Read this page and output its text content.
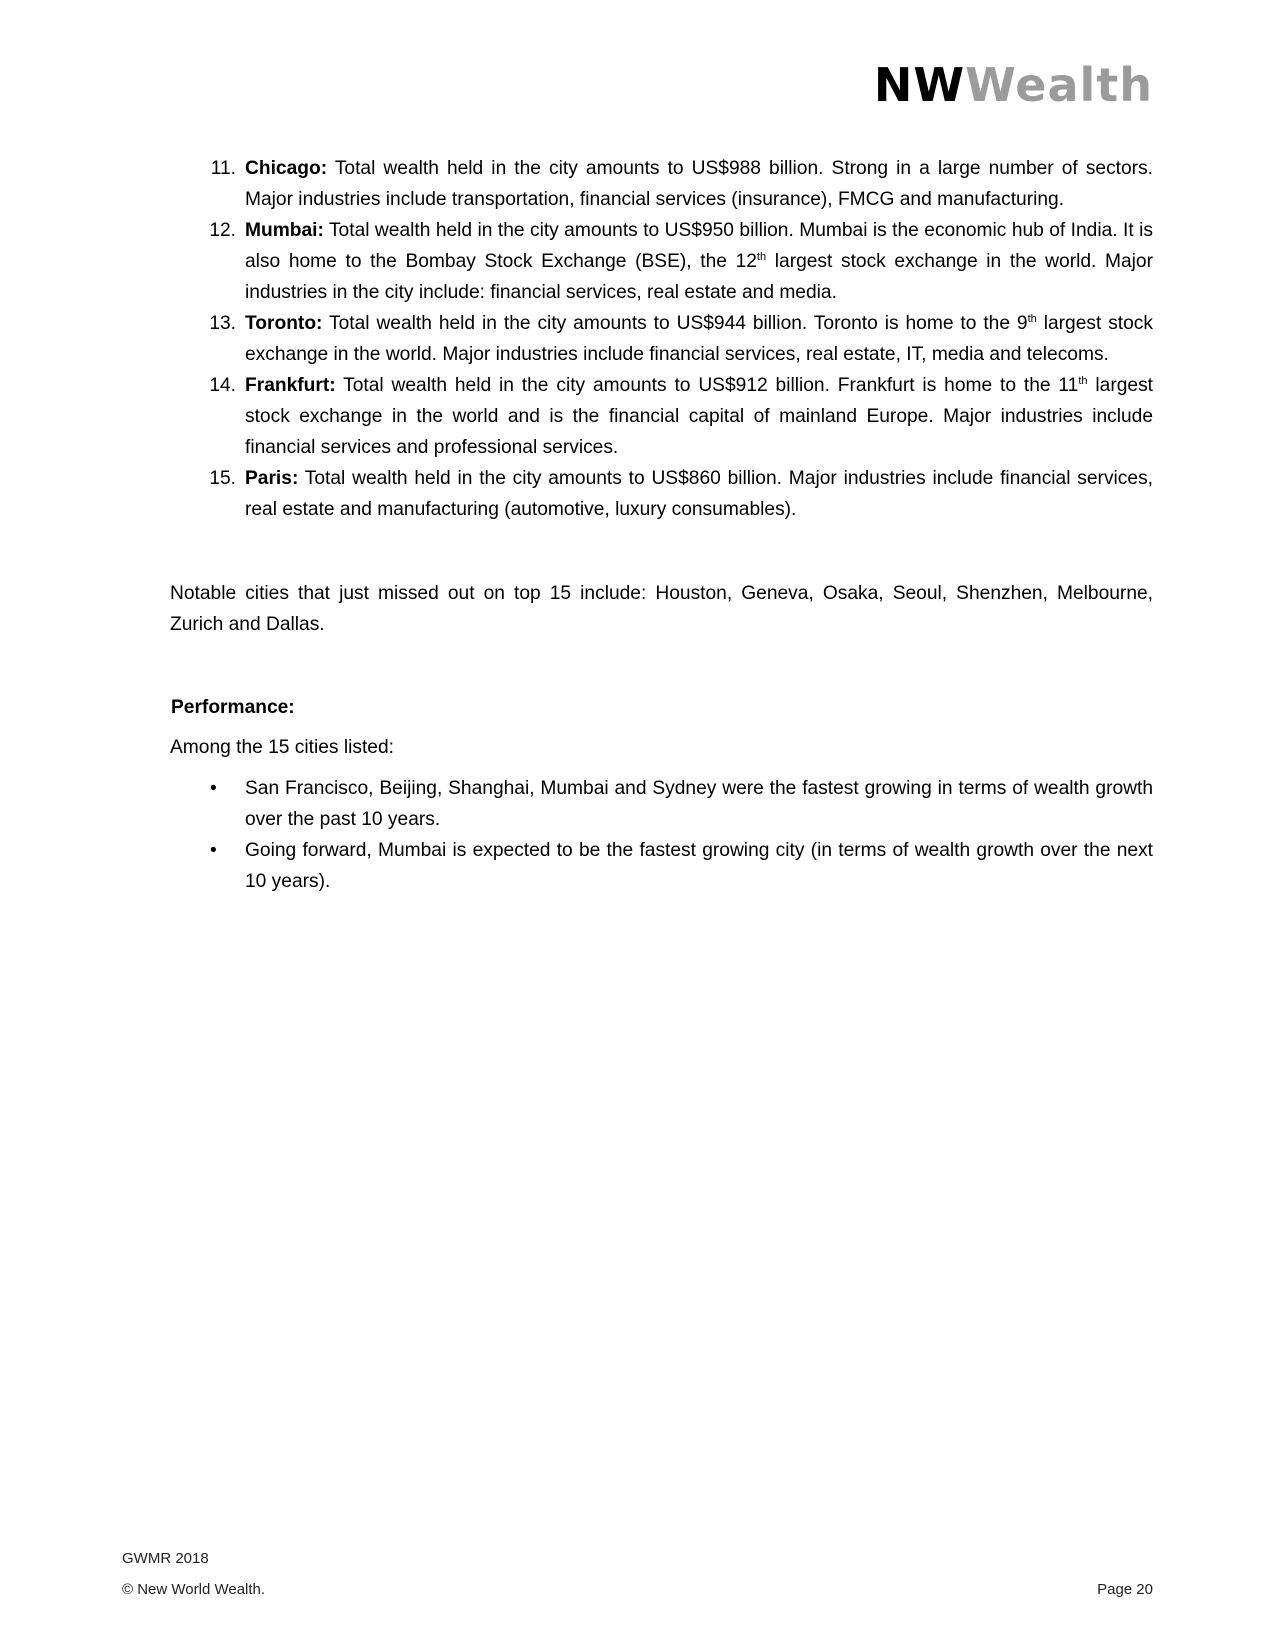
NWWealth
11. Chicago: Total wealth held in the city amounts to US$988 billion. Strong in a large number of sectors. Major industries include transportation, financial services (insurance), FMCG and manufacturing.
12. Mumbai: Total wealth held in the city amounts to US$950 billion. Mumbai is the economic hub of India. It is also home to the Bombay Stock Exchange (BSE), the 12th largest stock exchange in the world. Major industries in the city include: financial services, real estate and media.
13. Toronto: Total wealth held in the city amounts to US$944 billion. Toronto is home to the 9th largest stock exchange in the world. Major industries include financial services, real estate, IT, media and telecoms.
14. Frankfurt: Total wealth held in the city amounts to US$912 billion. Frankfurt is home to the 11th largest stock exchange in the world and is the financial capital of mainland Europe. Major industries include financial services and professional services.
15. Paris: Total wealth held in the city amounts to US$860 billion. Major industries include financial services, real estate and manufacturing (automotive, luxury consumables).

Notable cities that just missed out on top 15 include: Houston, Geneva, Osaka, Seoul, Shenzhen, Melbourne, Zurich and Dallas.

Performance:

Among the 15 cities listed:

• San Francisco, Beijing, Shanghai, Mumbai and Sydney were the fastest growing in terms of wealth growth over the past 10 years.
• Going forward, Mumbai is expected to be the fastest growing city (in terms of wealth growth over the next 10 years).
GWMR 2018
© New World Wealth.	Page 20
